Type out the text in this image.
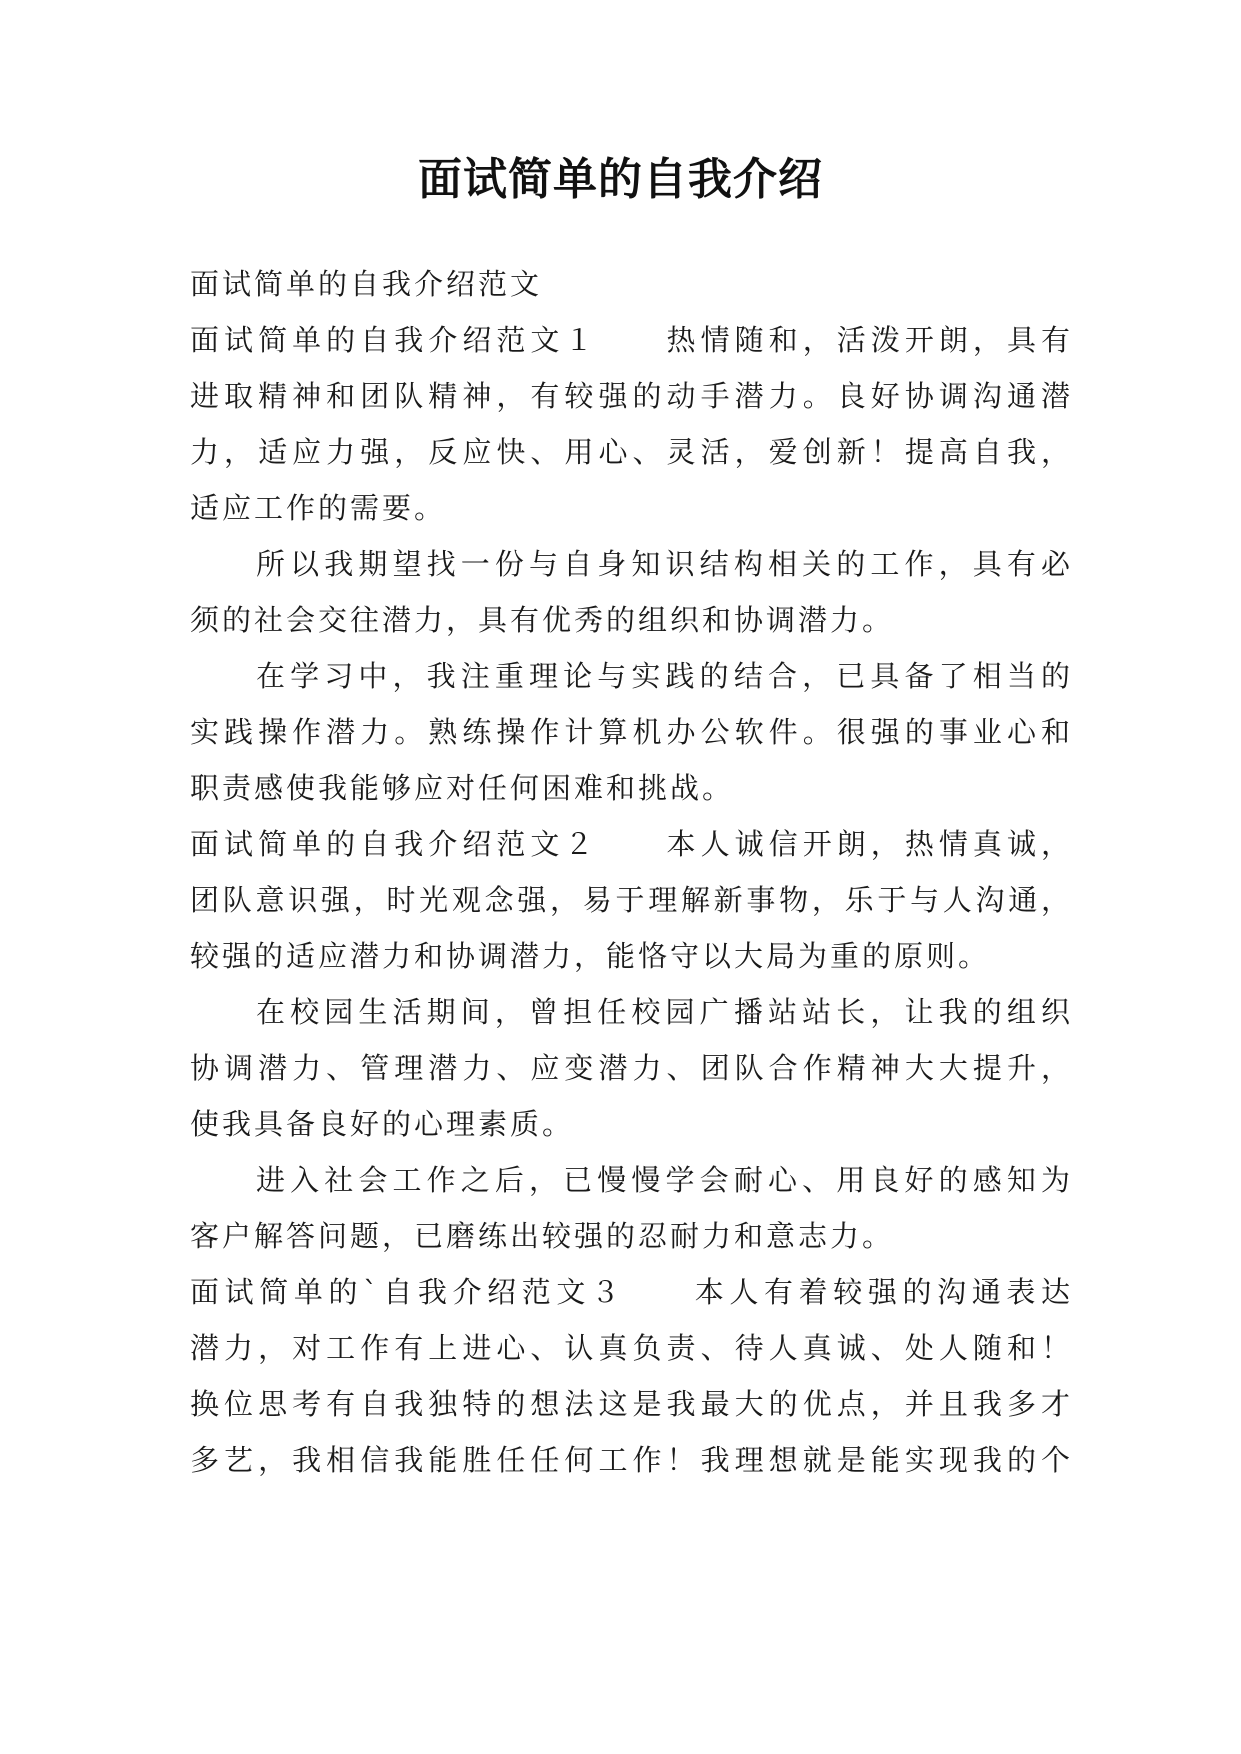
面试简单的自我介绍
面试简单的自我介绍范文
面试简单的自我介绍范文１　　热情随和，活泼开朗，具有
进取精神和团队精神，有较强的动手潜力。良好协调沟通潜
力，适应力强，反应快、用心、灵活，爱创新！提高自我，
适应工作的需要。
所以我期望找一份与自身知识结构相关的工作，具有必
须的社会交往潜力，具有优秀的组织和协调潜力。
在学习中，我注重理论与实践的结合，已具备了相当的
实践操作潜力。熟练操作计算机办公软件。很强的事业心和
职责感使我能够应对任何困难和挑战。
面试简单的自我介绍范文２　　本人诚信开朗，热情真诚，
团队意识强，时光观念强，易于理解新事物，乐于与人沟通，
较强的适应潜力和协调潜力，能恪守以大局为重的原则。
在校园生活期间，曾担任校园广播站站长，让我的组织
协调潜力、管理潜力、应变潜力、团队合作精神大大提升，
使我具备良好的心理素质。
进入社会工作之后，已慢慢学会耐心、用良好的感知为
客户解答问题，已磨练出较强的忍耐力和意志力。
面试简单的`自我介绍范文３　　本人有着较强的沟通表达
潜力，对工作有上进心、认真负责、待人真诚、处人随和！
换位思考有自我独特的想法这是我最大的优点，并且我多才
多艺，我相信我能胜任任何工作！我理想就是能实现我的个
